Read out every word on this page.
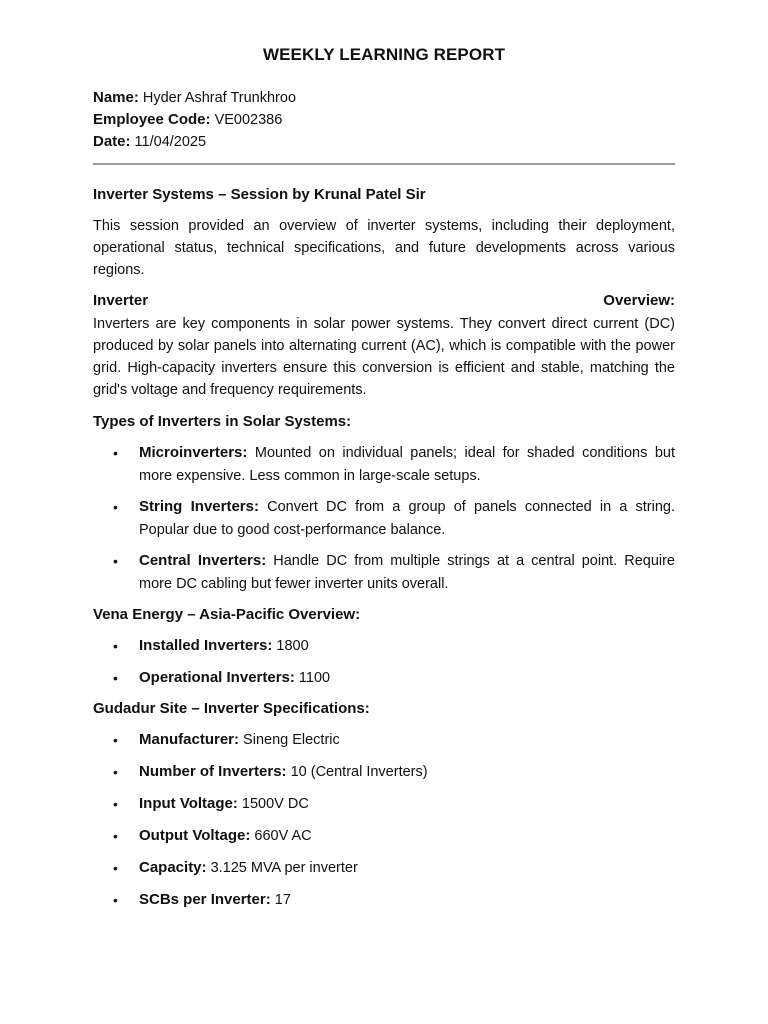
WEEKLY LEARNING REPORT
Name: Hyder Ashraf Trunkhroo
Employee Code: VE002386
Date: 11/04/2025
Inverter Systems – Session by Krunal Patel Sir
This session provided an overview of inverter systems, including their deployment, operational status, technical specifications, and future developments across various regions.
Inverter	Overview:
Inverters are key components in solar power systems. They convert direct current (DC) produced by solar panels into alternating current (AC), which is compatible with the power grid. High-capacity inverters ensure this conversion is efficient and stable, matching the grid's voltage and frequency requirements.
Types of Inverters in Solar Systems:
• Microinverters: Mounted on individual panels; ideal for shaded conditions but more expensive. Less common in large-scale setups.
• String Inverters: Convert DC from a group of panels connected in a string. Popular due to good cost-performance balance.
• Central Inverters: Handle DC from multiple strings at a central point. Require more DC cabling but fewer inverter units overall.
Vena Energy – Asia-Pacific Overview:
• Installed Inverters: 1800
• Operational Inverters: 1100
Gudadur Site – Inverter Specifications:
• Manufacturer: Sineng Electric
• Number of Inverters: 10 (Central Inverters)
• Input Voltage: 1500V DC
• Output Voltage: 660V AC
• Capacity: 3.125 MVA per inverter
• SCBs per Inverter: 17
